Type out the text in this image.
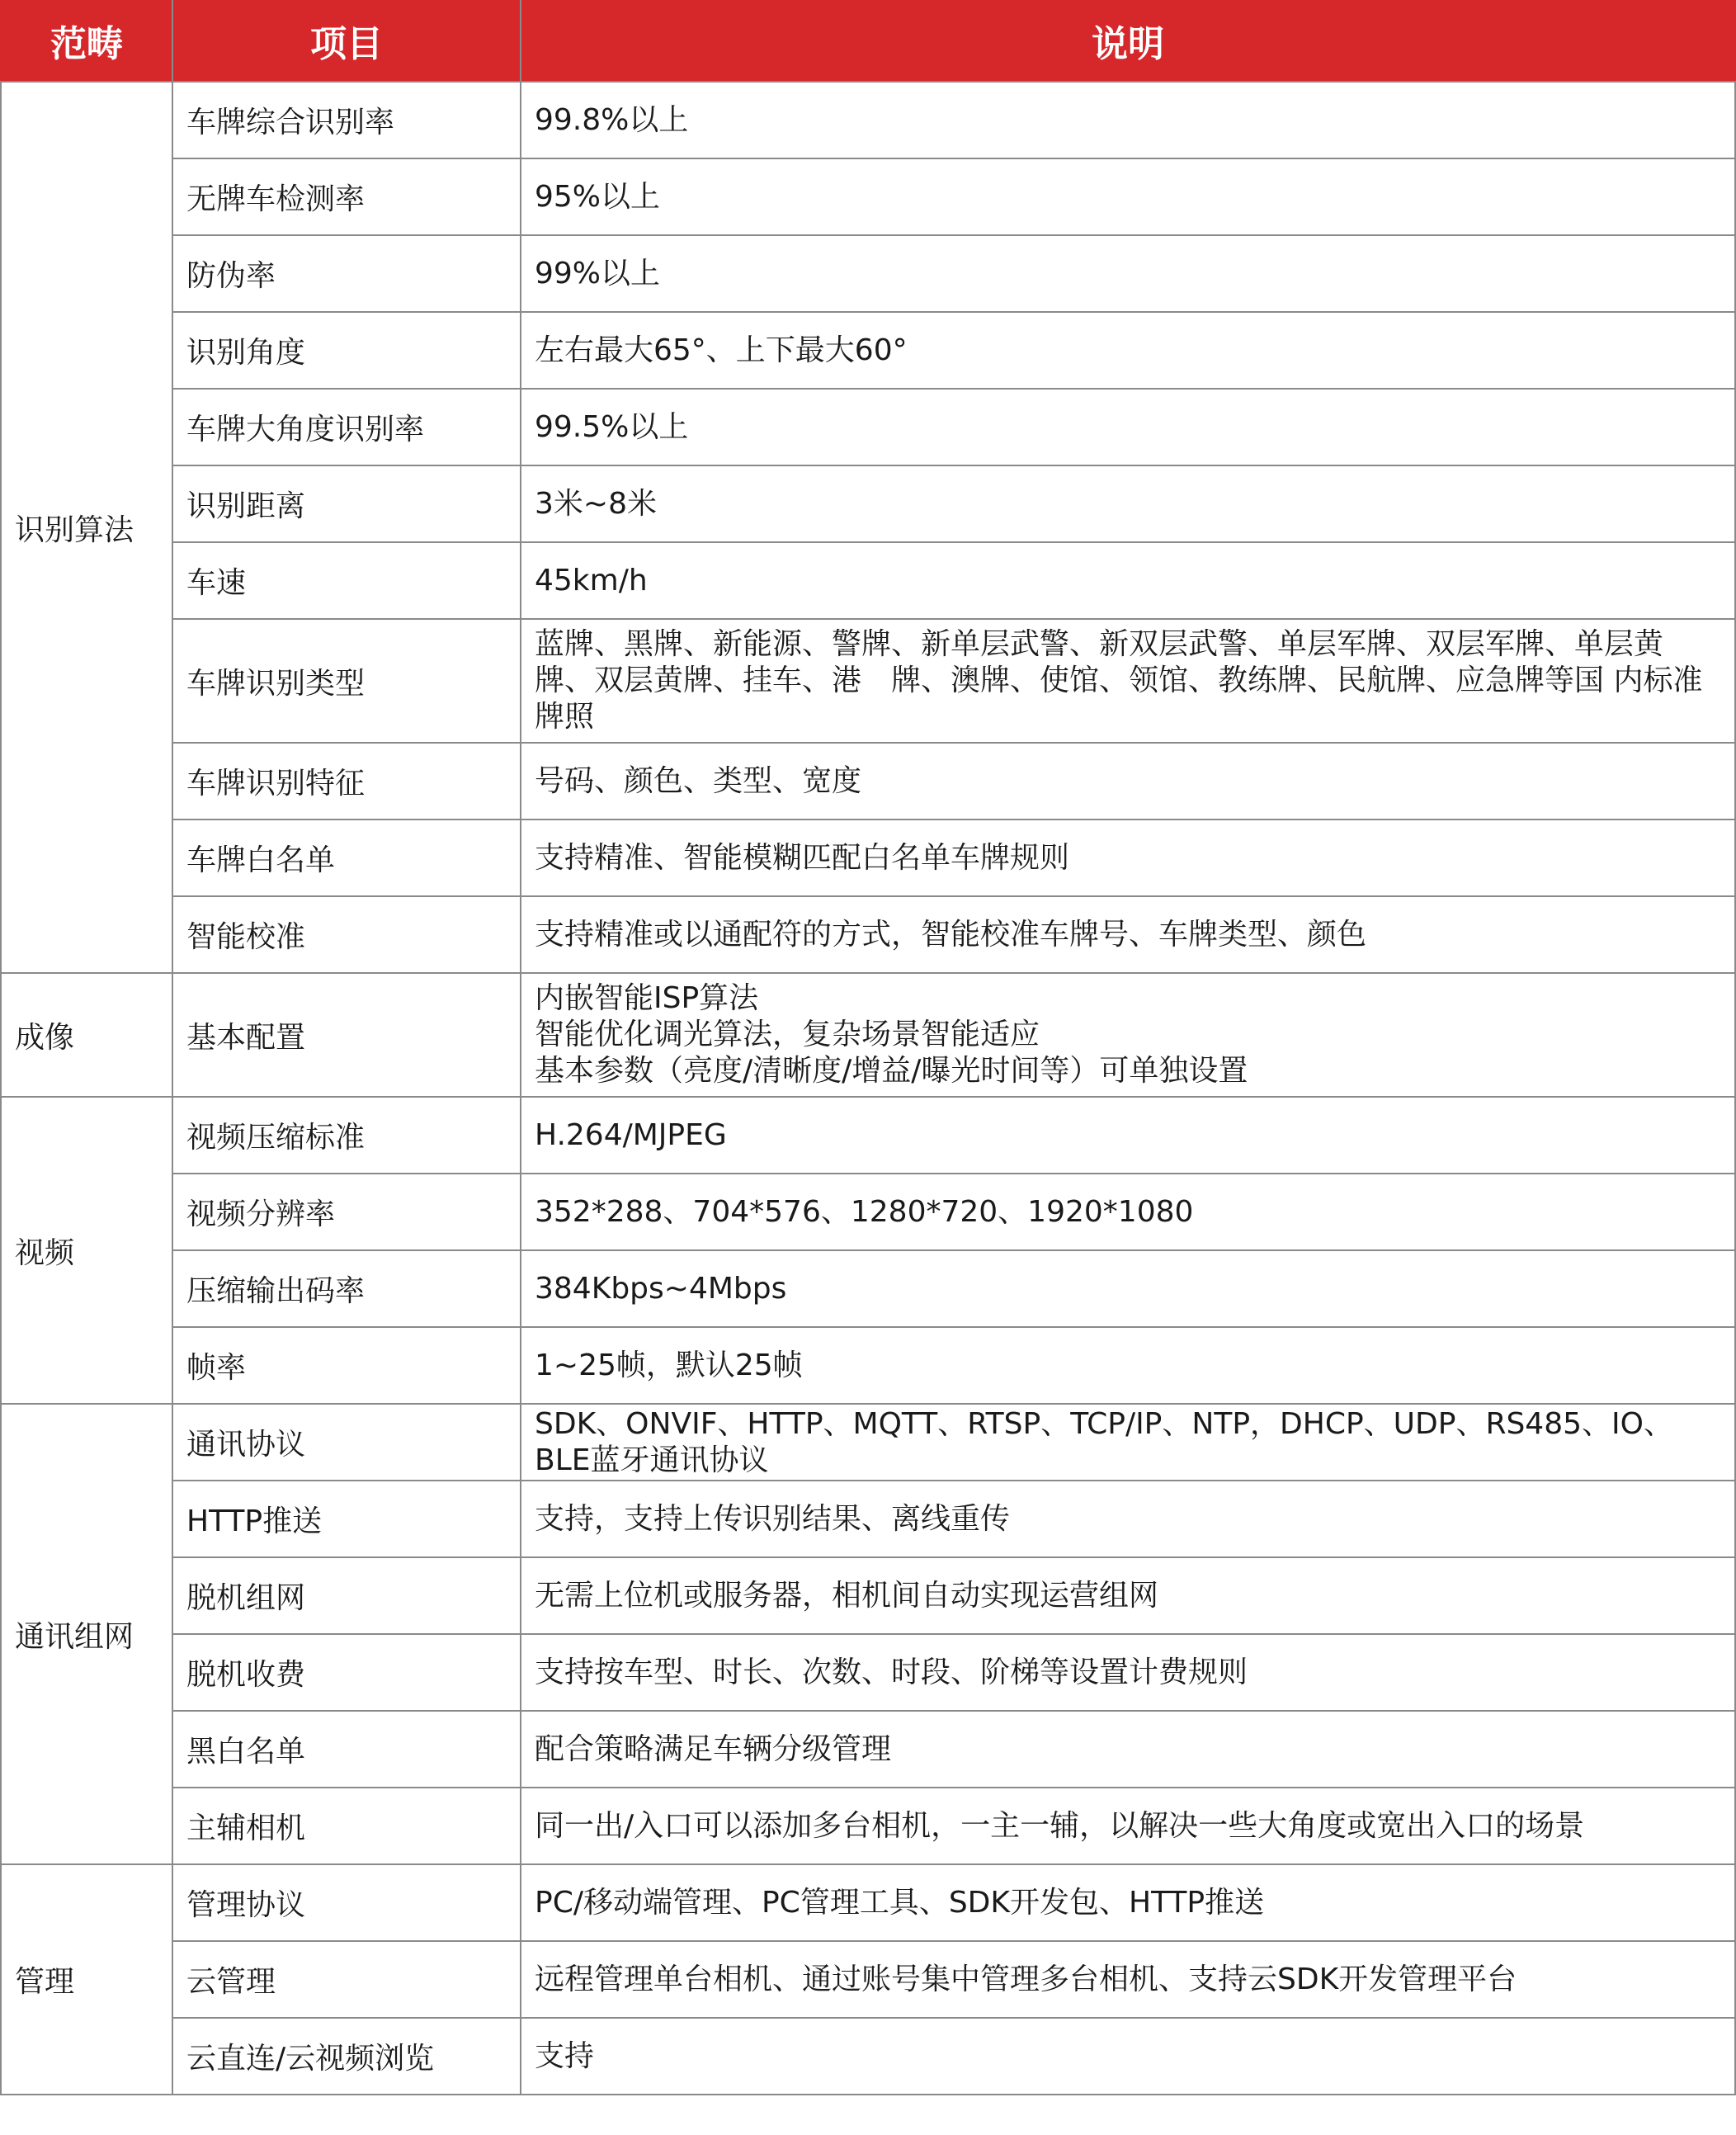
范畴	项目	说明
识别算法	车牌综合识别率	99.8%以上

	无牌车检测率	95%以上

	防伪率	99%以上

	识别角度	左右最大65°、上下最大60°

	车牌大角度识别率	99.5%以上

	识别距离	3米~8米

	车速	45km/h

	车牌识别类型	蓝牌、黑牌、新能源、警牌、新单层武警、新双层武警、单层军牌、双层军牌、单层黄牌、双层黄牌、挂车、港　牌、澳牌、使馆、领馆、教练牌、民航牌、应急牌等国 内标准牌照

	车牌识别特征	号码、颜色、类型、宽度

	车牌白名单	支持精准、智能模糊匹配白名单车牌规则

	智能校准	支持精准或以通配符的方式，智能校准车牌号、车牌类型、颜色

成像	基本配置	内嵌智能ISP算法
智能优化调光算法，复杂场景智能适应
基本参数（亮度/清晰度/增益/曝光时间等）可单独设置

视频	视频压缩标准	H.264/MJPEG

	视频分辨率	352*288、704*576、1280*720、1920*1080

	压缩输出码率	384Kbps~4Mbps

	帧率	1~25帧，默认25帧

通讯组网	通讯协议	SDK、ONVIF、HTTP、MQTT、RTSP、TCP/IP、NTP，DHCP、UDP、RS485、IO、BLE蓝牙通讯协议

	HTTP推送	支持，支持上传识别结果、离线重传

	脱机组网	无需上位机或服务器，相机间自动实现运营组网

	脱机收费	支持按车型、时长、次数、时段、阶梯等设置计费规则

	黑白名单	配合策略满足车辆分级管理

	主辅相机	同一出/入口可以添加多台相机，一主一辅，以解决一些大角度或宽出入口的场景

管理	管理协议	PC/移动端管理、PC管理工具、SDK开发包、HTTP推送

	云管理	远程管理单台相机、通过账号集中管理多台相机、支持云SDK开发管理平台

	云直连/云视频浏览	支持
